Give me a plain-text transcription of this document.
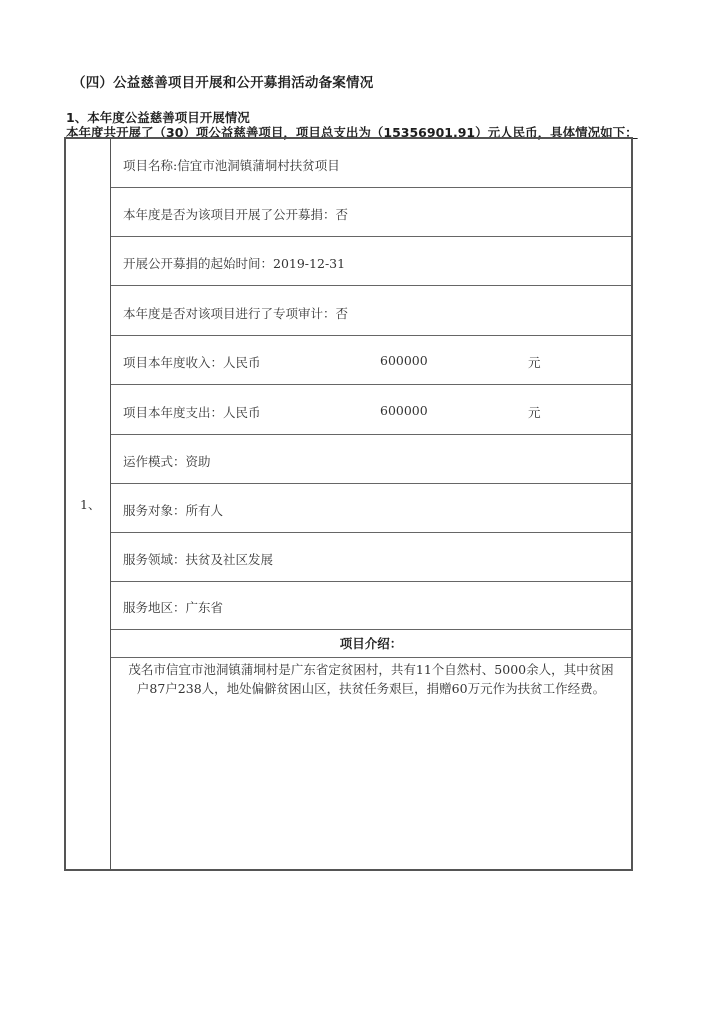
（四）公益慈善项目开展和公开募捐活动备案情况
1、本年度公益慈善项目开展情况
本年度共开展了（30）项公益慈善项目，项目总支出为（15356901.91）元人民币，具体情况如下：
1、
项目名称:信宜市池洞镇蒲垌村扶贫项目
本年度是否为该项目开展了公开募捐：否
开展公开募捐的起始时间：2019-12-31
本年度是否对该项目进行了专项审计：否
项目本年度收入：人民币	600000	元
项目本年度支出：人民币	600000	元
运作模式：资助
服务对象：所有人
服务领域：扶贫及社区发展
服务地区：广东省
项目介绍：
茂名市信宜市池洞镇蒲垌村是广东省定贫困村，共有11个自然村、5000余人，其中贫困
户87户238人，地处偏僻贫困山区，扶贫任务艰巨，捐赠60万元作为扶贫工作经费。
